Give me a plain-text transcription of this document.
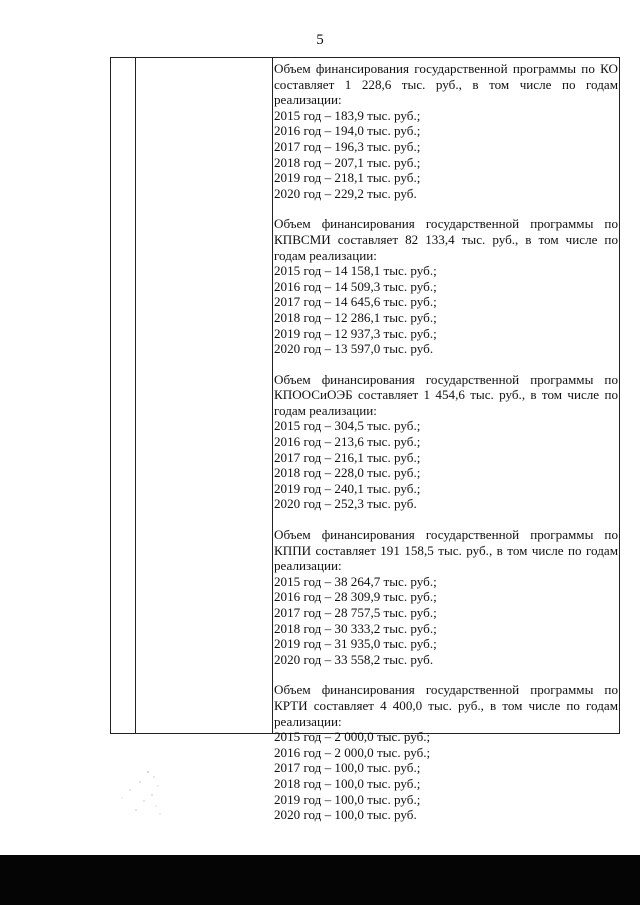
5
Объем финансирования государственной программы по КО составляет 1 228,6 тыс. руб., в том числе по годам реализации:
2015 год – 183,9 тыс. руб.;
2016 год – 194,0 тыс. руб.;
2017 год – 196,3 тыс. руб.;
2018 год – 207,1 тыс. руб.;
2019 год – 218,1 тыс. руб.;
2020 год – 229,2 тыс. руб.
Объем финансирования государственной программы по КПВСМИ составляет 82 133,4 тыс. руб., в том числе по годам реализации:
2015 год – 14 158,1 тыс. руб.;
2016 год – 14 509,3 тыс. руб.;
2017 год – 14 645,6 тыс. руб.;
2018 год – 12 286,1 тыс. руб.;
2019 год – 12 937,3 тыс. руб.;
2020 год – 13 597,0 тыс. руб.
Объем финансирования государственной программы по КПООСиОЭБ составляет 1 454,6 тыс. руб., в том числе по годам реализации:
2015 год – 304,5 тыс. руб.;
2016 год – 213,6 тыс. руб.;
2017 год – 216,1 тыс. руб.;
2018 год – 228,0 тыс. руб.;
2019 год – 240,1 тыс. руб.;
2020 год – 252,3 тыс. руб.
Объем финансирования государственной программы по КППИ составляет 191 158,5 тыс. руб., в том числе по годам реализации:
2015 год – 38 264,7 тыс. руб.;
2016 год – 28 309,9 тыс. руб.;
2017 год – 28 757,5 тыс. руб.;
2018 год – 30 333,2 тыс. руб.;
2019 год – 31 935,0 тыс. руб.;
2020 год – 33 558,2 тыс. руб.
Объем финансирования государственной программы по КРТИ составляет 4 400,0 тыс. руб., в том числе по годам реализации:
2015 год – 2 000,0 тыс. руб.;
2016 год – 2 000,0 тыс. руб.;
2017 год – 100,0 тыс. руб.;
2018 год – 100,0 тыс. руб.;
2019 год – 100,0 тыс. руб.;
2020 год – 100,0 тыс. руб.
